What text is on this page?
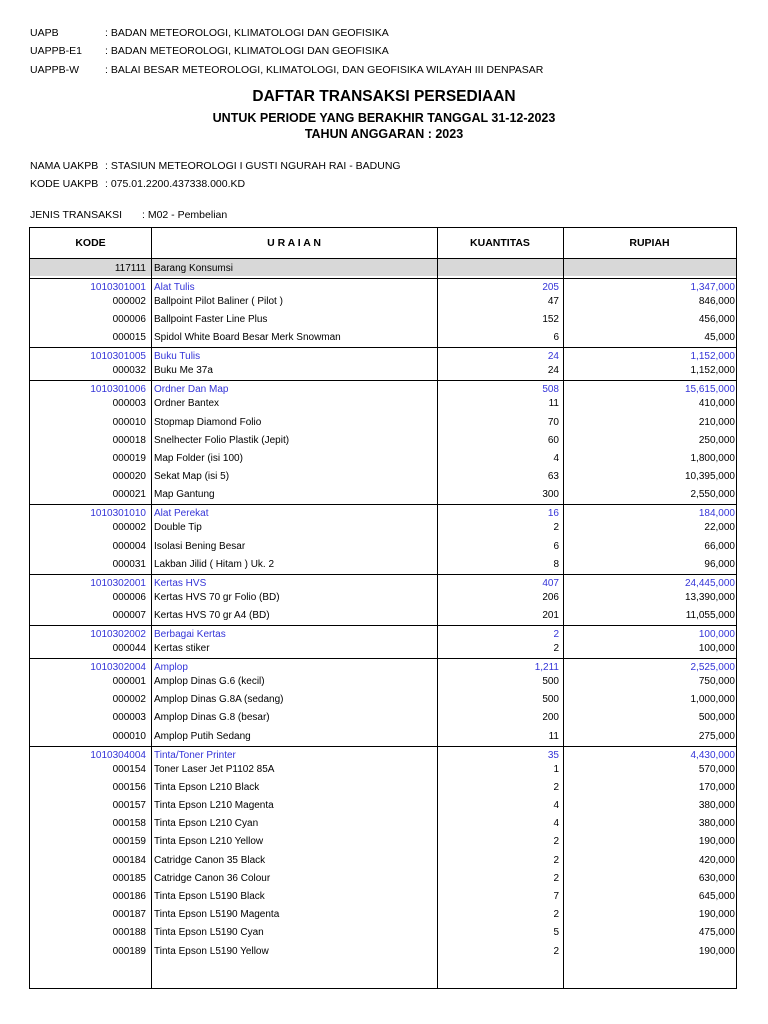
UAPB	: BADAN METEOROLOGI, KLIMATOLOGI DAN GEOFISIKA
UAPPB-E1 : BADAN METEOROLOGI, KLIMATOLOGI DAN GEOFISIKA
UAPPB-W : BALAI BESAR METEOROLOGI, KLIMATOLOGI, DAN GEOFISIKA WILAYAH III DENPASAR
DAFTAR TRANSAKSI PERSEDIAAN
UNTUK PERIODE YANG BERAKHIR TANGGAL 31-12-2023
TAHUN ANGGARAN : 2023
NAMA UAKPB : STASIUN METEOROLOGI I GUSTI NGURAH RAI - BADUNG
KODE UAKPB : 075.01.2200.437338.000.KD
JENIS TRANSAKSI : M02 - Pembelian
KODE	U R A I A N	KUANTITAS	RUPIAH
117111 Barang Konsumsi
1010301001 Alat Tulis	205	1,347,000
000002 Ballpoint Pilot Baliner ( Pilot )	47	846,000
000006 Ballpoint Faster Line Plus	152	456,000
000015 Spidol White Board Besar Merk Snowman	6	45,000
1010301005 Buku Tulis	24	1,152,000
000032 Buku Me 37a	24	1,152,000
1010301006 Ordner Dan Map	508	15,615,000
000003 Ordner Bantex	11	410,000
000010 Stopmap Diamond Folio	70	210,000
000018 Snelhecter Folio Plastik (Jepit)	60	250,000
000019 Map Folder (isi 100)	4	1,800,000
000020 Sekat Map (isi 5)	63	10,395,000
000021 Map Gantung	300	2,550,000
1010301010 Alat Perekat	16	184,000
000002 Double Tip	2	22,000
000004 Isolasi Bening Besar	6	66,000
000031 Lakban Jilid ( Hitam ) Uk. 2	8	96,000
1010302001 Kertas HVS	407	24,445,000
000006 Kertas HVS 70 gr Folio (BD)	206	13,390,000
000007 Kertas HVS 70 gr A4 (BD)	201	11,055,000
1010302002 Berbagai Kertas	2	100,000
000044 Kertas stiker	2	100,000
1010302004 Amplop	1,211	2,525,000
000001 Amplop Dinas G.6 (kecil)	500	750,000
000002 Amplop Dinas G.8A (sedang)	500	1,000,000
000003 Amplop Dinas G.8 (besar)	200	500,000
000010 Amplop Putih Sedang	11	275,000
1010304004 Tinta/Toner Printer	35	4,430,000
000154 Toner Laser Jet P1102 85A	1	570,000
000156 Tinta Epson L210 Black	2	170,000
000157 Tinta Epson L210 Magenta	4	380,000
000158 Tinta Epson L210 Cyan	4	380,000
000159 Tinta Epson L210 Yellow	2	190,000
000184 Catridge Canon 35 Black	2	420,000
000185 Catridge Canon 36 Colour	2	630,000
000186 Tinta Epson L5190 Black	7	645,000
000187 Tinta Epson L5190 Magenta	2	190,000
000188 Tinta Epson L5190 Cyan	5	475,000
000189 Tinta Epson L5190 Yellow	2	190,000
